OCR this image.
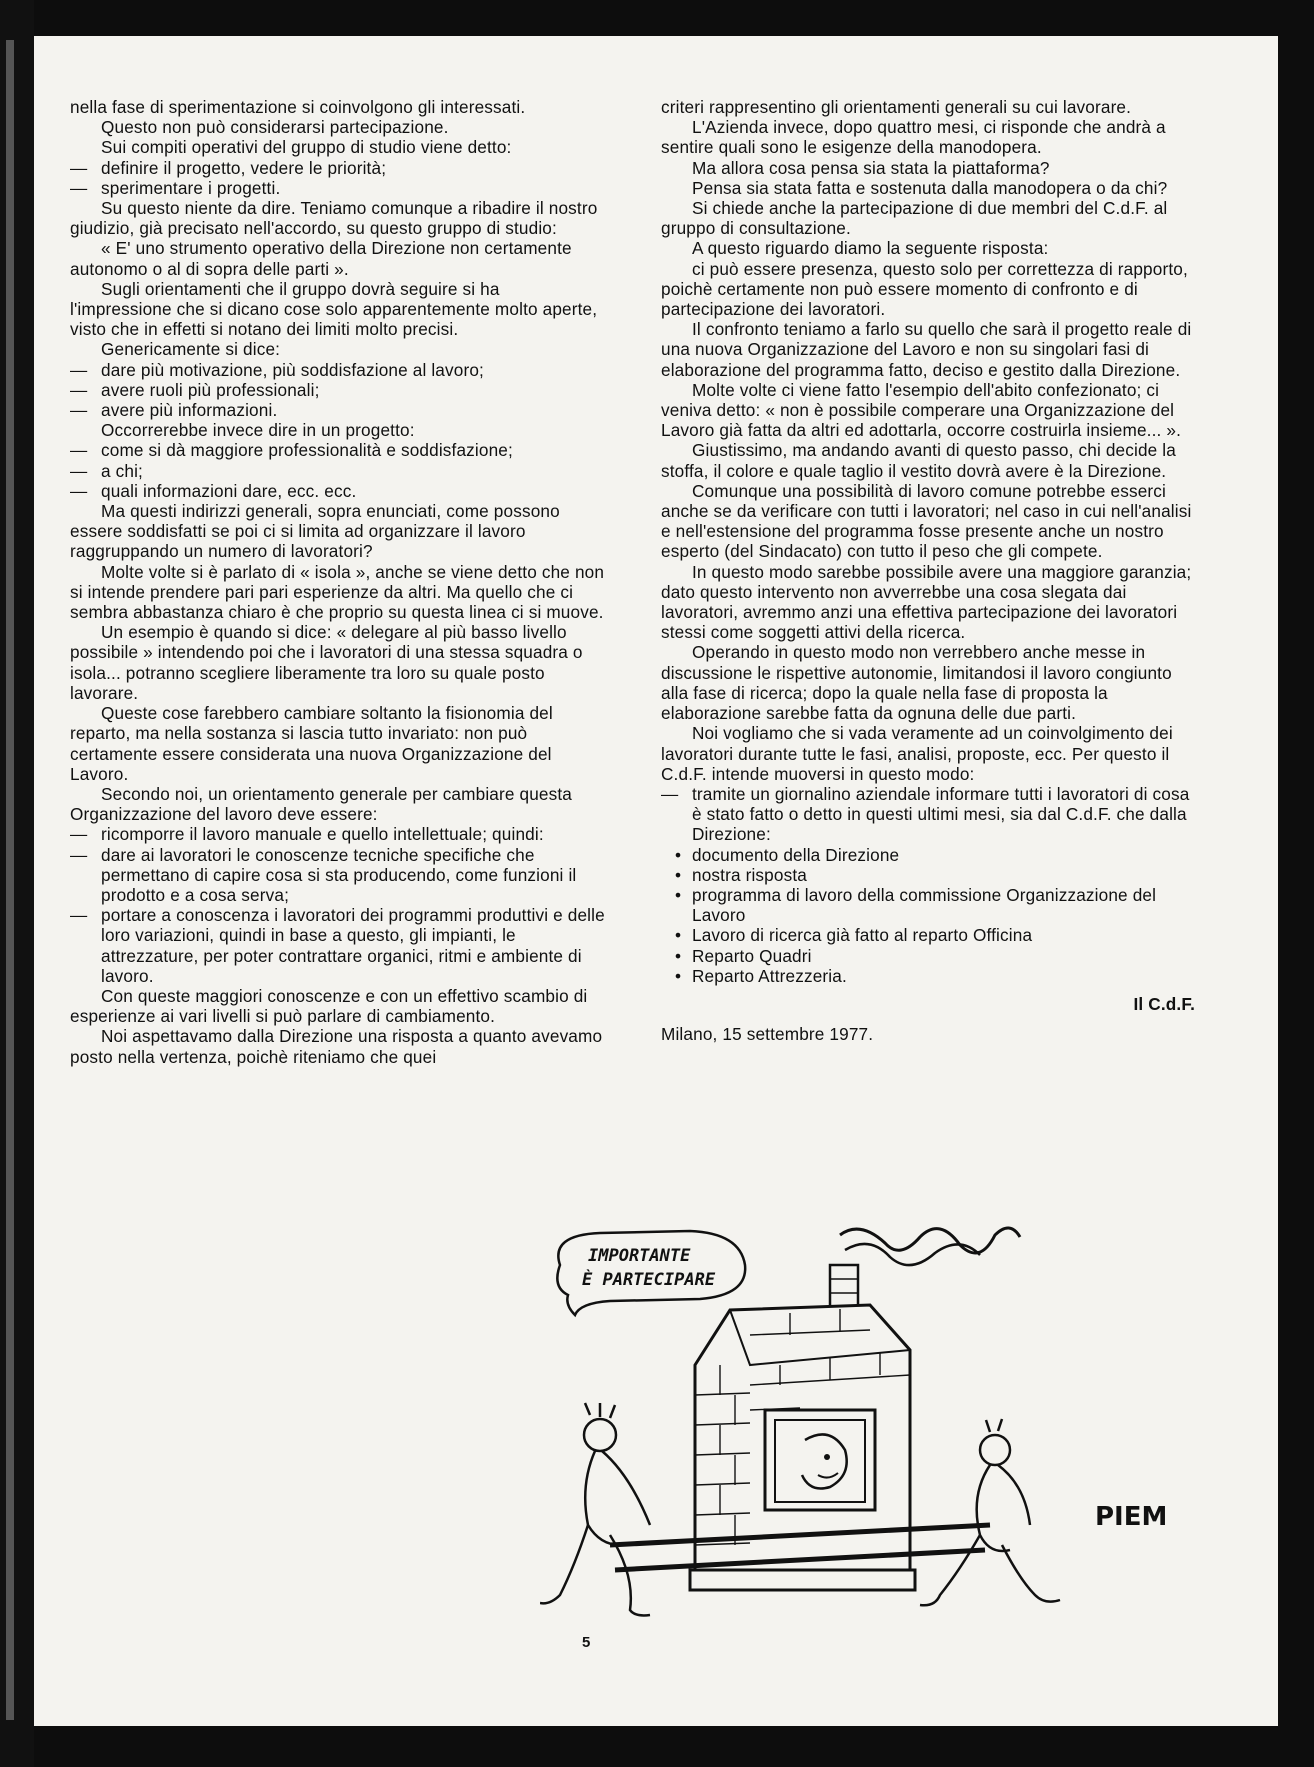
nella fase di sperimentazione si coinvolgono gli interessati.

Questo non può considerarsi partecipazione.

Sui compiti operativi del gruppo di studio viene detto:

— definire il progetto, vedere le priorità;

— sperimentare i progetti.

Su questo niente da dire. Teniamo comunque a ribadire il nostro giudizio, già precisato nell'accordo, su questo gruppo di studio:

« E' uno strumento operativo della Direzione non certamente autonomo o al di sopra delle parti ».

Sugli orientamenti che il gruppo dovrà seguire si ha l'impressione che si dicano cose solo apparentemente molto aperte, visto che in effetti si notano dei limiti molto precisi.

Genericamente si dice:

— dare più motivazione, più soddisfazione al lavoro;

— avere ruoli più professionali;

— avere più informazioni.

Occorrerebbe invece dire in un progetto:

— come si dà maggiore professionalità e soddisfazione;

— a chi;

— quali informazioni dare, ecc. ecc.

Ma questi indirizzi generali, sopra enunciati, come possono essere soddisfatti se poi ci si limita ad organizzare il lavoro raggruppando un numero di lavoratori?

Molte volte si è parlato di « isola », anche se viene detto che non si intende prendere pari pari esperienze da altri. Ma quello che ci sembra abbastanza chiaro è che proprio su questa linea ci si muove.

Un esempio è quando si dice: « delegare al più basso livello possibile » intendendo poi che i lavoratori di una stessa squadra o isola... potranno scegliere liberamente tra loro su quale posto lavorare.

Queste cose farebbero cambiare soltanto la fisionomia del reparto, ma nella sostanza si lascia tutto invariato: non può certamente essere considerata una nuova Organizzazione del Lavoro.

Secondo noi, un orientamento generale per cambiare questa Organizzazione del lavoro deve essere:

— ricomporre il lavoro manuale e quello intellettuale; quindi:

— dare ai lavoratori le conoscenze tecniche specifiche che permettano di capire cosa si sta producendo, come funzioni il prodotto e a cosa serva;

— portare a conoscenza i lavoratori dei programmi produttivi e delle loro variazioni, quindi in base a questo, gli impianti, le attrezzature, per poter contrattare organici, ritmi e ambiente di lavoro.

Con queste maggiori conoscenze e con un effettivo scambio di esperienze ai vari livelli si può parlare di cambiamento.

Noi aspettavamo dalla Direzione una risposta a quanto avevamo posto nella vertenza, poichè riteniamo che quei

criteri rappresentino gli orientamenti generali su cui lavorare.

L'Azienda invece, dopo quattro mesi, ci risponde che andrà a sentire quali sono le esigenze della manodopera.

Ma allora cosa pensa sia stata la piattaforma?

Pensa sia stata fatta e sostenuta dalla manodopera o da chi?

Si chiede anche la partecipazione di due membri del C.d.F. al gruppo di consultazione.

A questo riguardo diamo la seguente risposta:

ci può essere presenza, questo solo per correttezza di rapporto, poichè certamente non può essere momento di confronto e di partecipazione dei lavoratori.

Il confronto teniamo a farlo su quello che sarà il progetto reale di una nuova Organizzazione del Lavoro e non su singolari fasi di elaborazione del programma fatto, deciso e gestito dalla Direzione.

Molte volte ci viene fatto l'esempio dell'abito confezionato; ci veniva detto: « non è possibile comperare una Organizzazione del Lavoro già fatta da altri ed adottarla, occorre costruirla insieme... ».

Giustissimo, ma andando avanti di questo passo, chi decide la stoffa, il colore e quale taglio il vestito dovrà avere è la Direzione.

Comunque una possibilità di lavoro comune potrebbe esserci anche se da verificare con tutti i lavoratori; nel caso in cui nell'analisi e nell'estensione del programma fosse presente anche un nostro esperto (del Sindacato) con tutto il peso che gli compete.

In questo modo sarebbe possibile avere una maggiore garanzia; dato questo intervento non avverrebbe una cosa slegata dai lavoratori, avremmo anzi una effettiva partecipazione dei lavoratori stessi come soggetti attivi della ricerca.

Operando in questo modo non verrebbero anche messe in discussione le rispettive autonomie, limitandosi il lavoro congiunto alla fase di ricerca; dopo la quale nella fase di proposta la elaborazione sarebbe fatta da ognuna delle due parti.

Noi vogliamo che si vada veramente ad un coinvolgimento dei lavoratori durante tutte le fasi, analisi, proposte, ecc. Per questo il C.d.F. intende muoversi in questo modo:

— tramite un giornalino aziendale informare tutti i lavoratori di cosa è stato fatto o detto in questi ultimi mesi, sia dal C.d.F. che dalla Direzione:

• documento della Direzione
• nostra risposta
• programma di lavoro della commissione Organizzazione del Lavoro
• Lavoro di ricerca già fatto al reparto Officina
• Reparto Quadri
• Reparto Attrezzeria.
Il C.d.F.
Milano, 15 settembre 1977.
IMPORTANTE
È PARTECIPARE
PIEM
5
